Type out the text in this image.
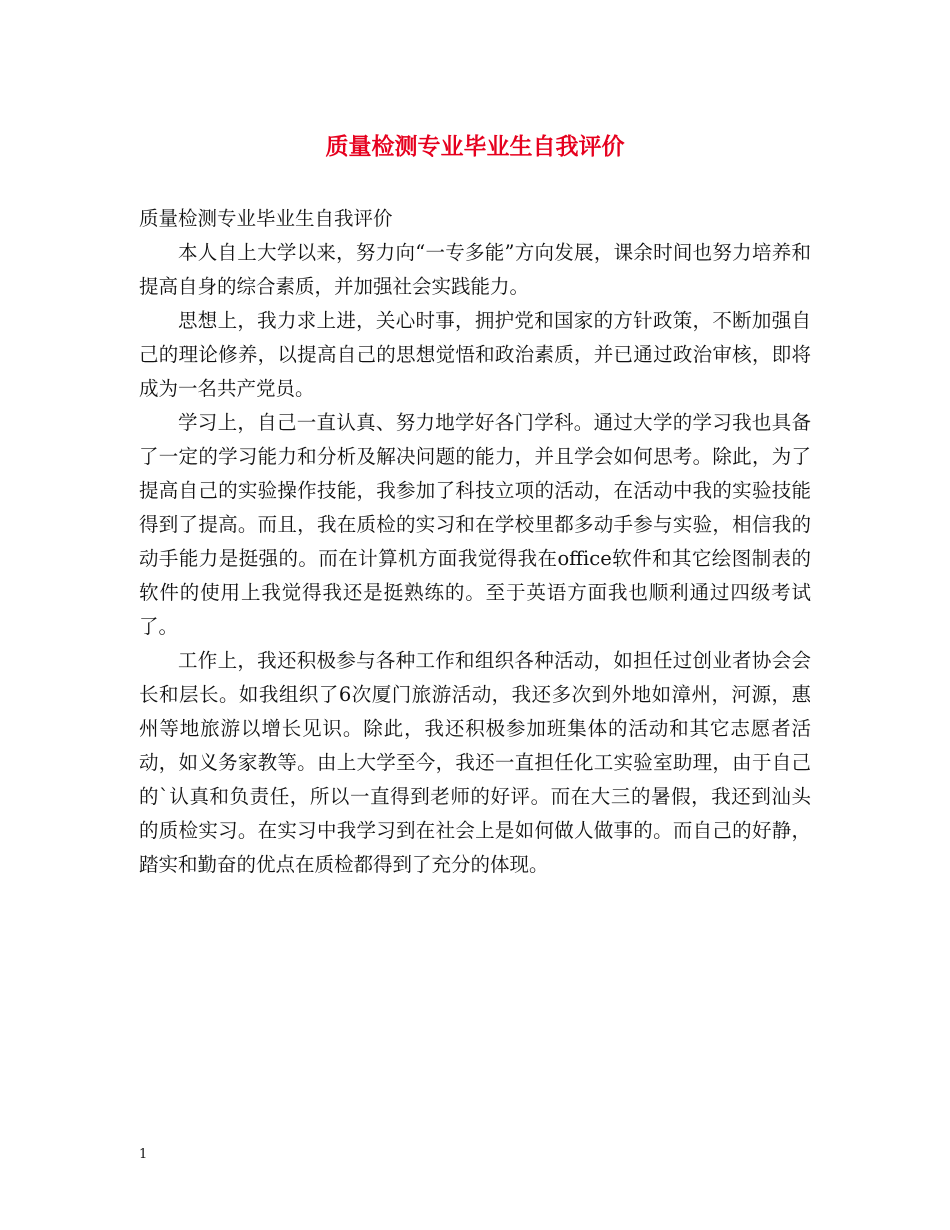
质量检测专业毕业生自我评价

质量检测专业毕业生自我评价

本人自上大学以来，努力向“一专多能”方向发展，课余时间也努力培养和提高自身的综合素质，并加强社会实践能力。

思想上，我力求上进，关心时事，拥护党和国家的方针政策，不断加强自己的理论修养，以提高自己的思想觉悟和政治素质，并已通过政治审核，即将成为一名共产党员。

学习上，自己一直认真、努力地学好各门学科。通过大学的学习我也具备了一定的学习能力和分析及解决问题的能力，并且学会如何思考。除此，为了提高自己的实验操作技能，我参加了科技立项的活动，在活动中我的实验技能得到了提高。而且，我在质检的实习和在学校里都多动手参与实验，相信我的动手能力是挺强的。而在计算机方面我觉得我在office软件和其它绘图制表的软件的使用上我觉得我还是挺熟练的。至于英语方面我也顺利通过四级考试了。

工作上，我还积极参与各种工作和组织各种活动，如担任过创业者协会会长和层长。如我组织了6次厦门旅游活动，我还多次到外地如漳州，河源，惠州等地旅游以增长见识。除此，我还积极参加班集体的活动和其它志愿者活动，如义务家教等。由上大学至今，我还一直担任化工实验室助理，由于自己的`认真和负责任，所以一直得到老师的好评。而在大三的暑假，我还到汕头的质检实习。在实习中我学习到在社会上是如何做人做事的。而自己的好静，踏实和勤奋的优点在质检都得到了充分的体现。

1
